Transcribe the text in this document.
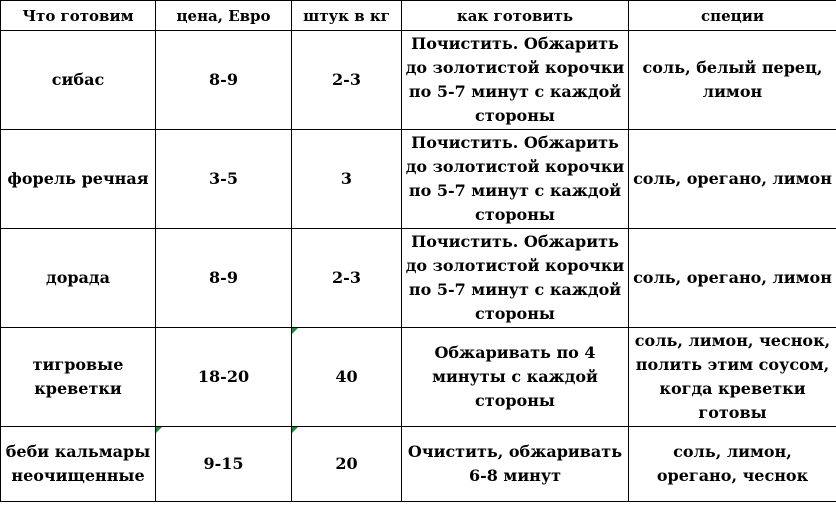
Что готовим	цена, Евро	штук в кг	как готовить	специи
сибас	8-9	2-3	Почистить. Обжарить до золотистой корочки по 5-7 минут с каждой стороны	соль, белый перец, лимон
форель речная	3-5	3	Почистить. Обжарить до золотистой корочки по 5-7 минут с каждой стороны	соль, орегано, лимон
дорада	8-9	2-3	Почистить. Обжарить до золотистой корочки по 5-7 минут с каждой стороны	соль, орегано, лимон
тигровые креветки	18-20	40	Обжаривать по 4 минуты с каждой стороны	соль, лимон, чеснок, полить этим соусом, когда креветки готовы
беби кальмары неочищенные	9-15	20	Очистить, обжаривать 6-8 минут	соль, лимон, орегано, чеснок
